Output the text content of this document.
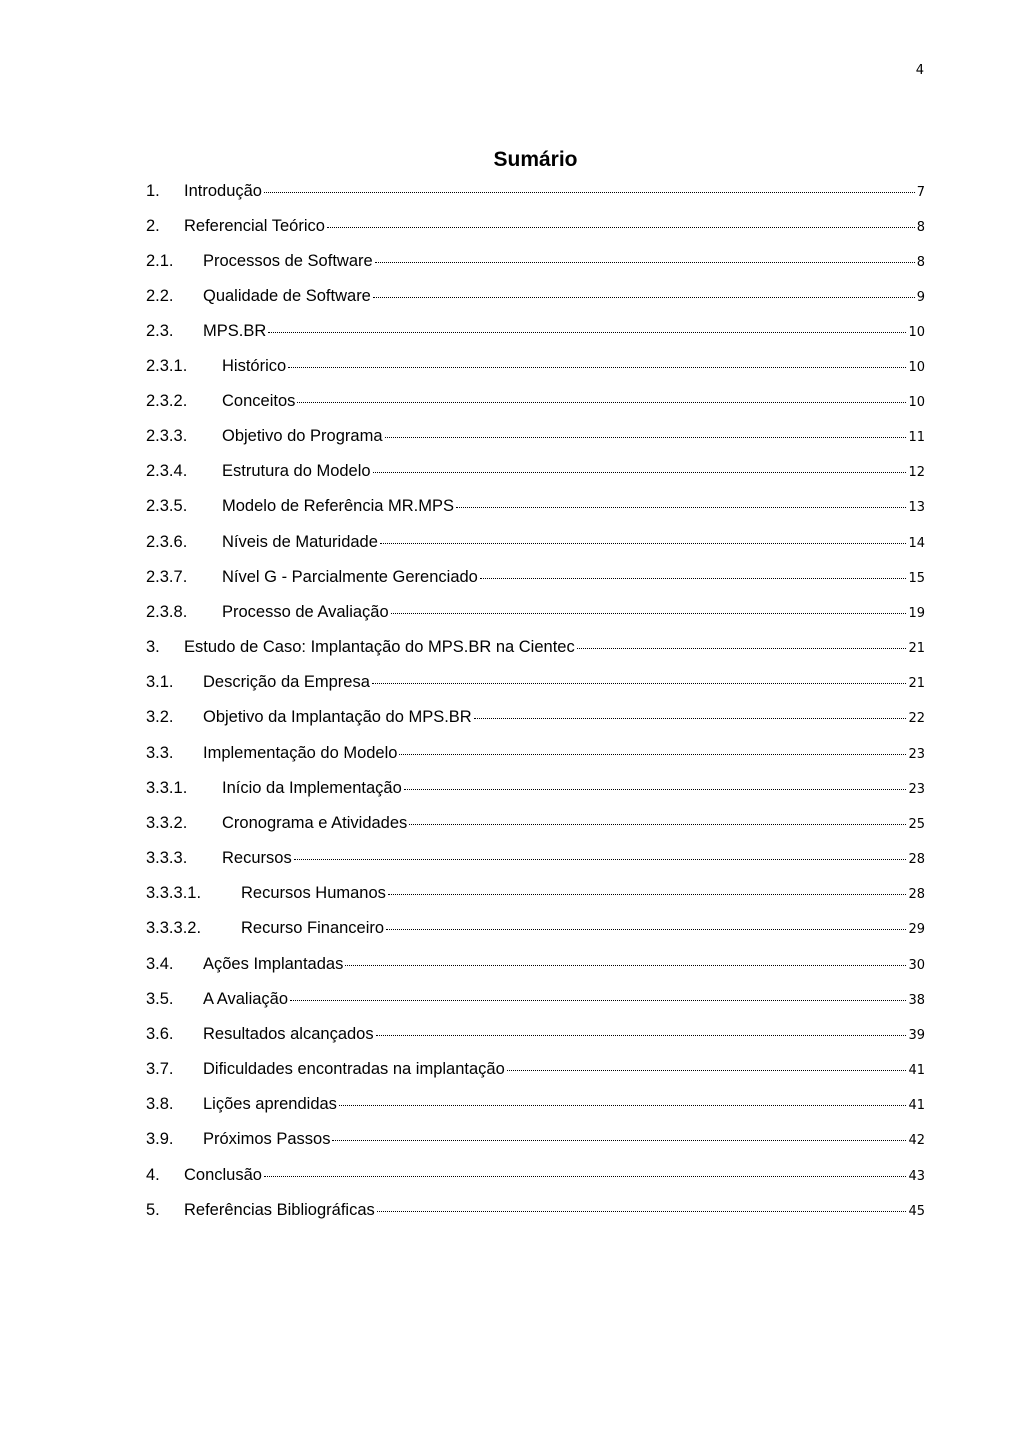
4
Sumário
1.	Introdução	7
2.	Referencial Teórico	8
2.1.	Processos de Software	8
2.2.	Qualidade de Software	9
2.3.	MPS.BR	10
2.3.1.	Histórico	10
2.3.2.	Conceitos	10
2.3.3.	Objetivo do Programa	11
2.3.4.	Estrutura do Modelo	12
2.3.5.	Modelo de Referência MR.MPS	13
2.3.6.	Níveis de Maturidade	14
2.3.7.	Nível G - Parcialmente Gerenciado	15
2.3.8.	Processo de Avaliação	19
3.	Estudo de Caso: Implantação do MPS.BR na Cientec	21
3.1.	Descrição da Empresa	21
3.2.	Objetivo da Implantação do MPS.BR	22
3.3.	Implementação do Modelo	23
3.3.1.	Início da Implementação	23
3.3.2.	Cronograma e Atividades	25
3.3.3.	Recursos	28
3.3.3.1.	Recursos Humanos	28
3.3.3.2.	Recurso Financeiro	29
3.4.	Ações Implantadas	30
3.5.	A Avaliação	38
3.6.	Resultados alcançados	39
3.7.	Dificuldades encontradas na implantação	41
3.8.	Lições aprendidas	41
3.9.	Próximos Passos	42
4.	Conclusão	43
5.	Referências Bibliográficas	45
